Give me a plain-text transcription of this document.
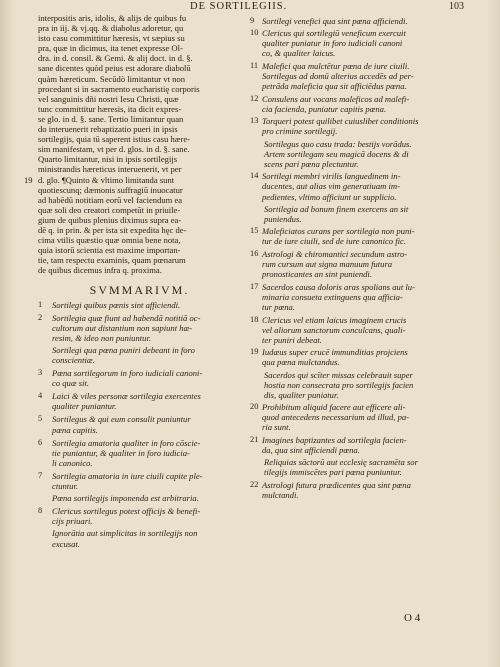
DE SORTILEGIIS.	103
interpositis aris, idolis, & alijs de quibus fu
pra in iij. & vj.qq. & diabolus adoretur, qu
isto casu committitur hæresis, vt sæpius su
pra, quæ in dicimus, ita tenet expresse Ol-
dra. in d. consil. & Gemi. & alij doct. in d. §.
sane dicentes quòd peius est adorare diabolū
quàm hæreticum. Secūdò limitantur vt non
procedant si in sacramento eucharistię corporis
vel sanguinis dñi nostri Iesu Christi, quæ
tunc committitur hæresis, ita dicit expres-
se glo. in d. §. sane. Tertio limitantur quan
do interuenerit rebaptizatio pueri in ipsis
sortilegijs, quia tū saperent istius casu hære-
sim manifestam, vt per d. glos. in d. §. sane.
Quarto limitantur, nisi in ipsis sortilegijs
ministrandis hæreticus interuenerit, vt per
19 d. glo. ¶Quinto & vltimo limitanda sunt
quotiescunq; dæmonis suffragiū inuocatur
ad habēdū notitiam eorū vel faciendum ea
quæ soli deo creatori competūt in priuile-
gium de quibus plenius diximus supra ea-
dē q. in prin. & per ista sit expedita hęc de-
cima vtilis quæstio quæ omnia bene nota,
quia istorū scientia est maxime importan-
tie, tam respectu examinis, quam pœnarum
de quibus dicemus infra q. proxima.
SVMMARIVM.
1	Sortilegi quibus pœnis sint afficiendi.
2	Sortilegia quæ fiunt ad habendā notitiā oc-
cultorum aut distantium non sapiunt hæ-
resim, & ideo non puniuntur.
Sortilegi qua pœna puniri debeant in foro
conscientiæ.
3	Pœna sortilegorum in foro iudiciali canoni-
co quæ sit.
4	Laici & viles personæ sortilegia exercentes
qualiter puniantur.
5	Sortilegus & qui eum consulit puniuntur
pœna capitis.
6	Sortilegia amatoria qualiter in foro cōscie-
tie puniantur, & qualiter in foro iudicia-
li canonico.
7	Sortilegia amatoria in iure ciuili capite ple-
ctuntur.
Pœna sortilegijs imponenda est arbitraria.
8	Clericus sortilegus potest officijs & benefi-
cijs priuari.
Ignorātia aut simplicitas in sortilegijs non
excusat.
9 Sortilegi venefici qua sint pœna afficiendi.
10 Clericus qui sortilegiū veneficum exercuit
qualiter puniatur in foro iudiciali canoni
co, & qualiter laicus.
11 Malefici qua mulctētur pœna de iure ciuili.
Sortilegus ad domū alterius accedēs ad per-
petrāda maleficia qua sit afficiēdus pœna.
12 Consulens aut vocans maleficos ad malefi-
cia facienda, puniatur capitis pœna.
13 Torqueri potest quilibet cuiuslibet conditionis
pro crimine sortilegij.
Sortilegus quo casu trada: bestijs vorādus.
Artem sortilegam seu magicā docens & di
scens pari pœna plectuntur.
14 Sortilegi membri virilis languedinem in-
ducentes, aut alias vim generatiuam im-
pedientes, vltimo afficiunt ur supplicio.
Sortilegia ad bonum finem exercens an sit
puniendus.
15 Maleficiatos curans per sortilegia non puni-
tur de iure ciuili, sed de iure canonico fic.
16 Astrologi & chiromantici secundum astro-
rum cursum aut signa manuum futura
pronosticantes an sint puniendi.
17 Sacerdos causa doloris aras spolians aut lu-
minaria consueta extinguens qua afficia-
tur pœna.
18 Clericus vel etiam laicus imaginem crucis
vel aliorum sanctorum conculcans, quali-
ter puniri debeat.
19 Iudæus super crucē immunditias projciens
qua pœna mulctandus.
Sacerdos qui scīter missas celebrauit super
hostia non consecrata pro sortilegijs facien
dis, qualiter puniatur.
20 Prohibitum aliquid facere aut efficere ali-
quod antecedens necessarium ad illud, pa-
ria sunt.
21 Imagines baptizantes ad sortilegia facien-
da, qua sint afficiendi pœna.
Reliquias sāctorū aut ecclesię sacramēta sor
tilegijs immiscētes pari pœna puniuntur.
22 Astrologi futura prædicentes qua sint pœna
mulctandi.
O 4
